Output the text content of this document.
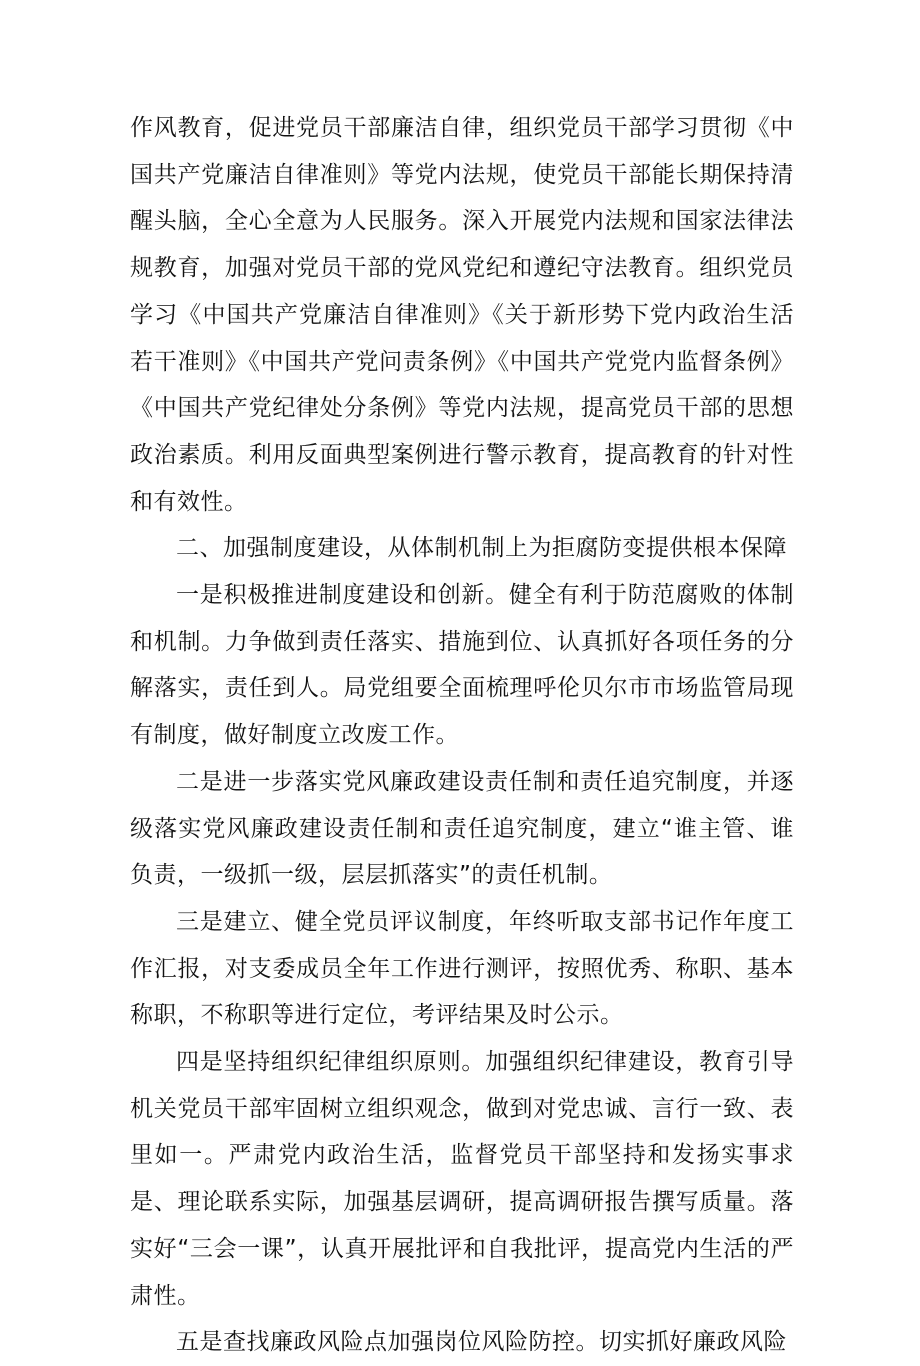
作风教育，促进党员干部廉洁自律，组织党员干部学习贯彻《中国共产党廉洁自律准则》等党内法规，使党员干部能长期保持清醒头脑，全心全意为人民服务。深入开展党内法规和国家法律法规教育，加强对党员干部的党风党纪和遵纪守法教育。组织党员学习《中国共产党廉洁自律准则》《关于新形势下党内政治生活若干准则》《中国共产党问责条例》《中国共产党党内监督条例》《中国共产党纪律处分条例》等党内法规，提高党员干部的思想政治素质。利用反面典型案例进行警示教育，提高教育的针对性和有效性。

二、加强制度建设，从体制机制上为拒腐防变提供根本保障

一是积极推进制度建设和创新。健全有利于防范腐败的体制和机制。力争做到责任落实、措施到位、认真抓好各项任务的分解落实，责任到人。局党组要全面梳理呼伦贝尔市市场监管局现有制度，做好制度立改废工作。

二是进一步落实党风廉政建设责任制和责任追究制度，并逐级落实党风廉政建设责任制和责任追究制度，建立“谁主管、谁负责，一级抓一级，层层抓落实”的责任机制。

三是建立、健全党员评议制度，年终听取支部书记作年度工作汇报，对支委成员全年工作进行测评，按照优秀、称职、基本称职，不称职等进行定位，考评结果及时公示。

四是坚持组织纪律组织原则。加强组织纪律建设，教育引导机关党员干部牢固树立组织观念，做到对党忠诚、言行一致、表里如一。严肃党内政治生活，监督党员干部坚持和发扬实事求是、理论联系实际，加强基层调研，提高调研报告撰写质量。落实好“三会一课”，认真开展批评和自我批评，提高党内生活的严肃性。

五是查找廉政风险点加强岗位风险防控。切实抓好廉政风险
